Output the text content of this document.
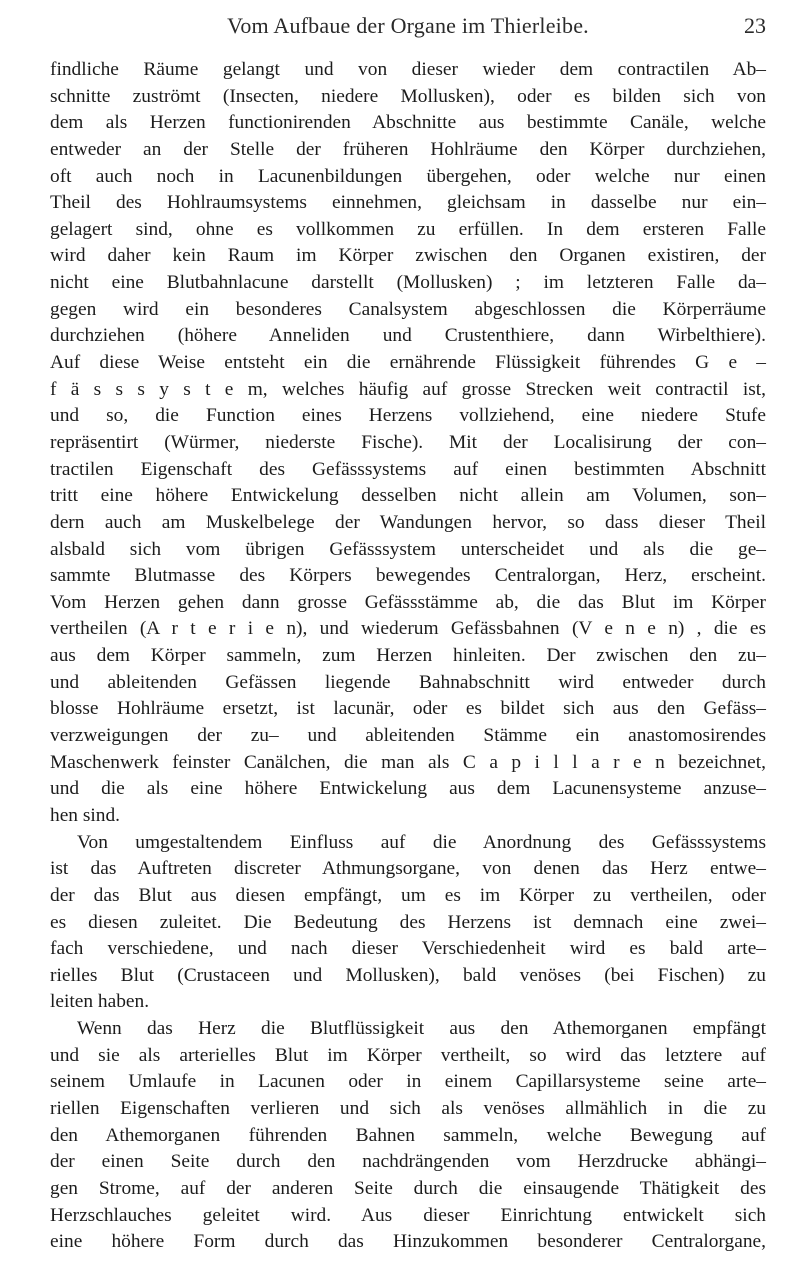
Vom Aufbaue der Organe im Thierleibe.	23
findliche Räume gelangt und von dieser wieder dem contractilen Ab–
schnitte zuströmt (Insecten, niedere Mollusken), oder es bilden sich von
dem als Herzen functionirenden Abschnitte aus bestimmte Canäle, welche
entweder an der Stelle der früheren Hohlräume den Körper durchziehen,
oft auch noch in Lacunenbildungen übergehen, oder welche nur einen
Theil des Hohlraumsystems einnehmen, gleichsam in dasselbe nur ein–
gelagert sind, ohne es vollkommen zu erfüllen. In dem ersteren Falle
wird daher kein Raum im Körper zwischen den Organen existiren, der
nicht eine Blutbahnlacune darstellt (Mollusken) ; im letzteren Falle da–
gegen wird ein besonderes Canalsystem abgeschlossen die Körperräume
durchziehen (höhere Anneliden und Crustenthiere, dann Wirbelthiere).
Auf diese Weise entsteht ein die ernährende Flüssigkeit führendes G e –
f ä s s s y s t e m, welches häufig auf grosse Strecken weit contractil ist,
und so, die Function eines Herzens vollziehend, eine niedere Stufe
repräsentirt (Würmer, niederste Fische). Mit der Localisirung der con–
tractilen Eigenschaft des Gefässsystems auf einen bestimmten Abschnitt
tritt eine höhere Entwickelung desselben nicht allein am Volumen, son–
dern auch am Muskelbelege der Wandungen hervor, so dass dieser Theil
alsbald sich vom übrigen Gefässsystem unterscheidet und als die ge–
sammte Blutmasse des Körpers bewegendes Centralorgan, Herz, erscheint.
Vom Herzen gehen dann grosse Gefässstämme ab, die das Blut im Körper
vertheilen (A r t e r i e n), und wiederum Gefässbahnen (V e n e n) , die es
aus dem Körper sammeln, zum Herzen hinleiten. Der zwischen den zu–
und ableitenden Gefässen liegende Bahnabschnitt wird entweder durch
blosse Hohlräume ersetzt, ist lacunär, oder es bildet sich aus den Gefäss–
verzweigungen der zu– und ableitenden Stämme ein anastomosirendes
Maschenwerk feinster Canälchen, die man als C a p i l l a r e n bezeichnet,
und die als eine höhere Entwickelung aus dem Lacunensysteme anzuse–
hen sind.
Von umgestaltendem Einfluss auf die Anordnung des Gefässsystems
ist das Auftreten discreter Athmungsorgane, von denen das Herz entwe–
der das Blut aus diesen empfängt, um es im Körper zu vertheilen, oder
es diesen zuleitet. Die Bedeutung des Herzens ist demnach eine zwei–
fach verschiedene, und nach dieser Verschiedenheit wird es bald arte–
rielles Blut (Crustaceen und Mollusken), bald venöses (bei Fischen) zu
leiten haben.
Wenn das Herz die Blutflüssigkeit aus den Athemorganen empfängt
und sie als arterielles Blut im Körper vertheilt, so wird das letztere auf
seinem Umlaufe in Lacunen oder in einem Capillarsysteme seine arte–
riellen Eigenschaften verlieren und sich als venöses allmählich in die zu
den Athemorganen führenden Bahnen sammeln, welche Bewegung auf
der einen Seite durch den nachdrängenden vom Herzdrucke abhängi–
gen Strome, auf der anderen Seite durch die einsaugende Thätigkeit des
Herzschlauches geleitet wird. Aus dieser Einrichtung entwickelt sich
eine höhere Form durch das Hinzukommen besonderer Centralorgane,
